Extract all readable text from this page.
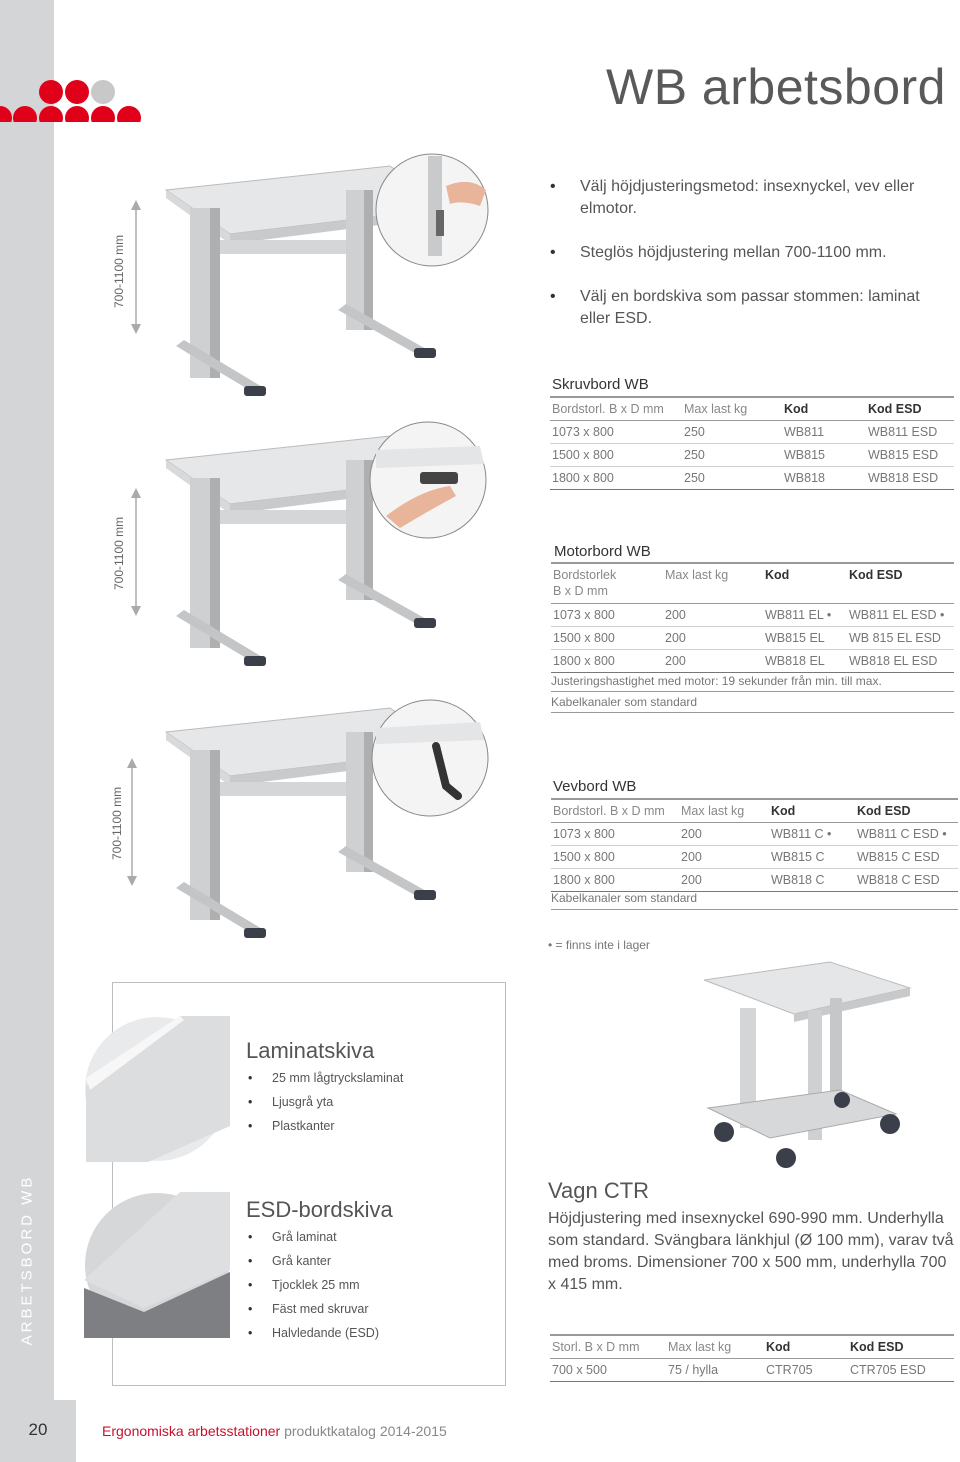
ARBETSBORD WB
WB arbetsbord
• Välj höjdjusteringsmetod: insexnyckel, vev eller elmotor.
• Steglös höjdjustering mellan 700-1100 mm.
• Välj en bordskiva som passar stommen: laminat eller ESD.
700-1100 mm
700-1100 mm
700-1100 mm
Skruvbord WB
Bordstorl. B x D mm	Max last kg	Kod	Kod ESD
1073 x 800	250	WB811	WB811 ESD
1500 x 800	250	WB815	WB815 ESD
1800 x 800	250	WB818	WB818 ESD
Motorbord WB
Bordstorlek
B x D mm	Max last kg	Kod	Kod ESD
1073 x 800	200	WB811 EL •	WB811 EL ESD •
1500 x 800	200	WB815 EL	WB 815 EL ESD
1800 x 800	200	WB818 EL	WB818 EL ESD
Justeringshastighet med motor: 19 sekunder från min. till max.
Kabelkanaler som standard
Vevbord WB
Bordstorl. B x D mm	Max last kg	Kod	Kod ESD
1073 x 800	200	WB811 C •	WB811 C ESD •
1500 x 800	200	WB815 C	WB815 C ESD
1800 x 800	200	WB818 C	WB818 C ESD
Kabelkanaler som standard
• = finns inte i lager
Laminatskiva
• 25 mm lågtryckslaminat
• Ljusgrå yta
• Plastkanter
ESD-bordskiva
• Grå laminat
• Grå kanter
• Tjocklek 25 mm
• Fäst med skruvar
• Halvledande (ESD)
Vagn CTR
Höjdjustering med insexnyckel 690-990 mm. Underhylla som standard. Svängbara länkhjul (Ø 100 mm), varav två med broms. Dimensioner 700 x 500 mm, underhylla 700 x 415 mm.
Storl. B x D mm	Max last kg	Kod	Kod ESD
700 x 500	75 / hylla	CTR705	CTR705 ESD
20	Ergonomiska arbetsstationer produktkatalog 2014-2015
